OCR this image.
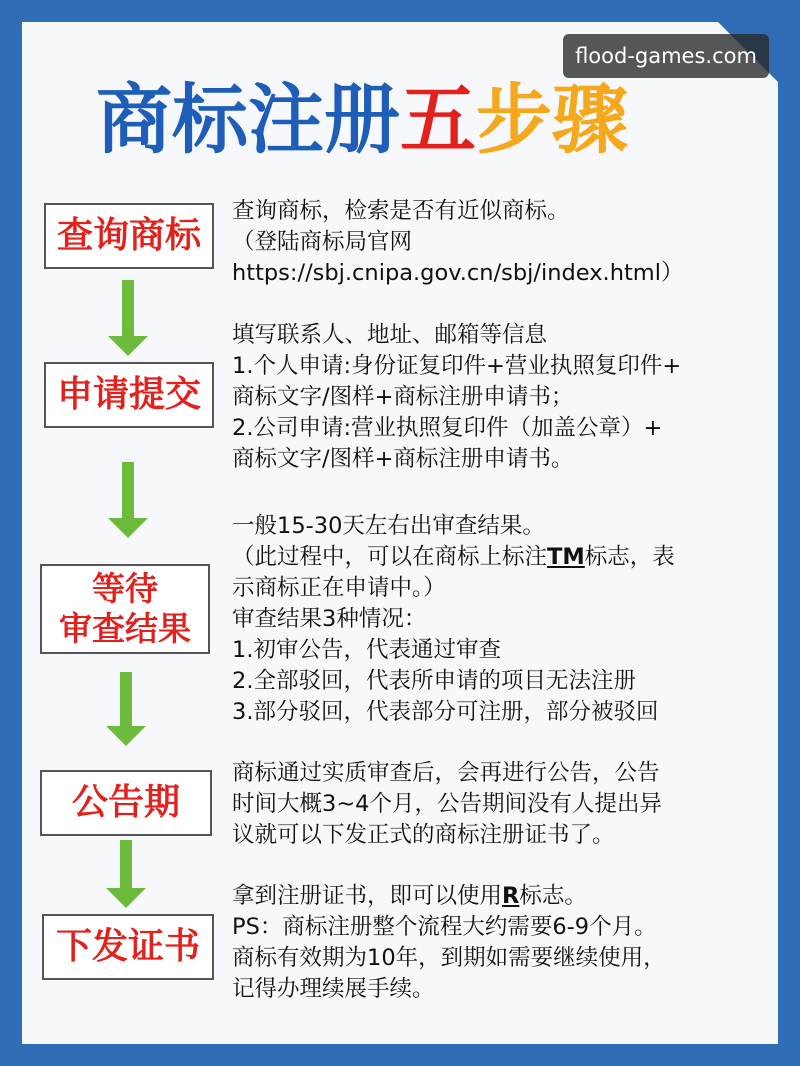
flood-games.com
商标注册五步骤
查询商标
查询商标，检索是否有近似商标。
（登陆商标局官网
https://sbj.cnipa.gov.cn/sbj/index.html）
申请提交
填写联系人、地址、邮箱等信息
1.个人申请:身份证复印件+营业执照复印件+
商标文字/图样+商标注册申请书；
2.公司申请:营业执照复印件（加盖公章）+
商标文字/图样+商标注册申请书。
等待
审查结果
一般15-30天左右出审查结果。
（此过程中，可以在商标上标注TM标志，表
示商标正在申请中。）
审查结果3种情况：
1.初审公告，代表通过审查
2.全部驳回，代表所申请的项目无法注册
3.部分驳回，代表部分可注册，部分被驳回
公告期
商标通过实质审查后，会再进行公告，公告
时间大概3~4个月，公告期间没有人提出异
议就可以下发正式的商标注册证书了。
下发证书
拿到注册证书，即可以使用R标志。
PS：商标注册整个流程大约需要6-9个月。
商标有效期为10年，到期如需要继续使用，
记得办理续展手续。
